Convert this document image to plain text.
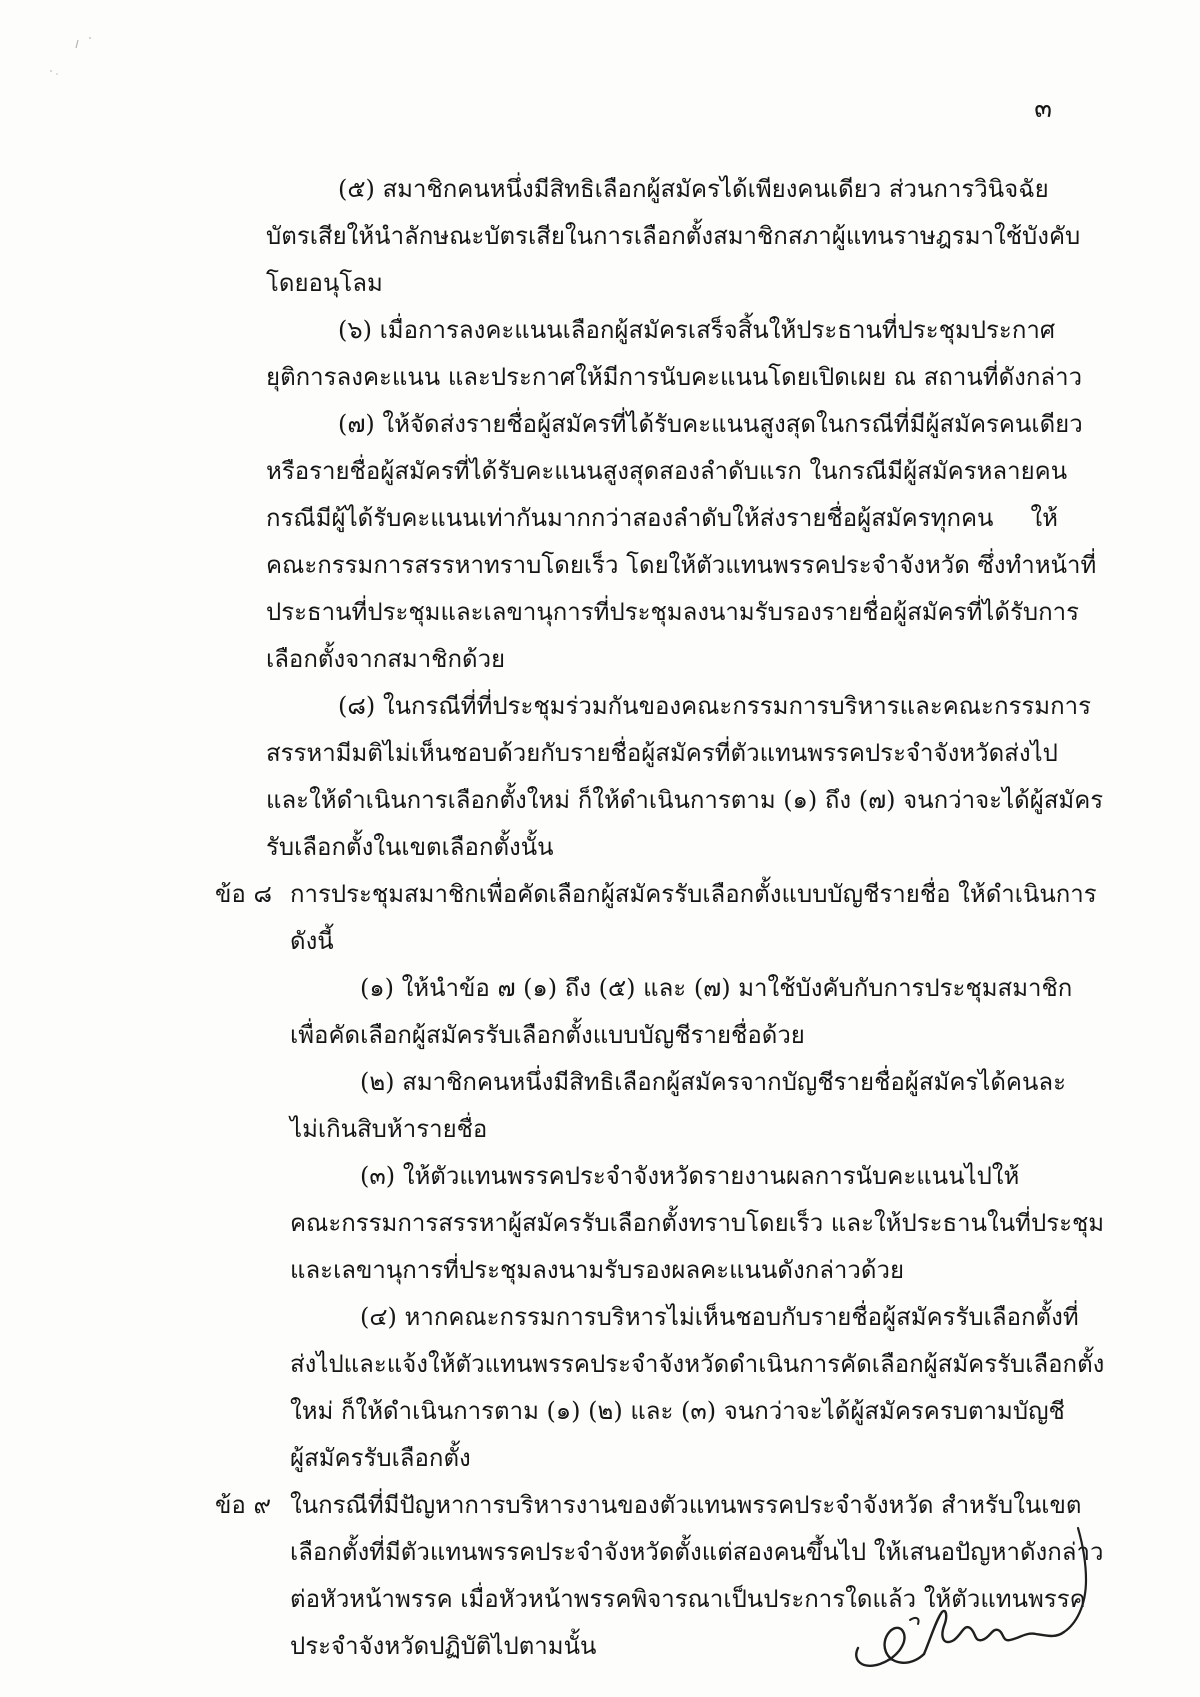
๓
(๕) สมาชิกคนหนึ่งมีสิทธิเลือกผู้สมัครได้เพียงคนเดียว ส่วนการวินิจฉัย
บัตรเสียให้นำลักษณะบัตรเสียในการเลือกตั้งสมาชิกสภาผู้แทนราษฎรมาใช้บังคับ
โดยอนุโลม
(๖) เมื่อการลงคะแนนเลือกผู้สมัครเสร็จสิ้นให้ประธานที่ประชุมประกาศ
ยุติการลงคะแนน และประกาศให้มีการนับคะแนนโดยเปิดเผย ณ สถานที่ดังกล่าว
(๗) ให้จัดส่งรายชื่อผู้สมัครที่ได้รับคะแนนสูงสุดในกรณีที่มีผู้สมัครคนเดียว
หรือรายชื่อผู้สมัครที่ได้รับคะแนนสูงสุดสองลำดับแรก ในกรณีมีผู้สมัครหลายคน
กรณีมีผู้ได้รับคะแนนเท่ากันมากกว่าสองลำดับให้ส่งรายชื่อผู้สมัครทุกคน ให้
คณะกรรมการสรรหาทราบโดยเร็ว โดยให้ตัวแทนพรรคประจำจังหวัด ซึ่งทำหน้าที่
ประธานที่ประชุมและเลขานุการที่ประชุมลงนามรับรองรายชื่อผู้สมัครที่ได้รับการ
เลือกตั้งจากสมาชิกด้วย
(๘) ในกรณีที่ที่ประชุมร่วมกันของคณะกรรมการบริหารและคณะกรรมการ
สรรหามีมติไม่เห็นชอบด้วยกับรายชื่อผู้สมัครที่ตัวแทนพรรคประจำจังหวัดส่งไป
และให้ดำเนินการเลือกตั้งใหม่ ก็ให้ดำเนินการตาม (๑) ถึง (๗) จนกว่าจะได้ผู้สมัคร
รับเลือกตั้งในเขตเลือกตั้งนั้น
ข้อ ๘ การประชุมสมาชิกเพื่อคัดเลือกผู้สมัครรับเลือกตั้งแบบบัญชีรายชื่อ ให้ดำเนินการ
ดังนี้
(๑) ให้นำข้อ ๗ (๑) ถึง (๕) และ (๗) มาใช้บังคับกับการประชุมสมาชิก
เพื่อคัดเลือกผู้สมัครรับเลือกตั้งแบบบัญชีรายชื่อด้วย
(๒) สมาชิกคนหนึ่งมีสิทธิเลือกผู้สมัครจากบัญชีรายชื่อผู้สมัครได้คนละ
ไม่เกินสิบห้ารายชื่อ
(๓) ให้ตัวแทนพรรคประจำจังหวัดรายงานผลการนับคะแนนไปให้
คณะกรรมการสรรหาผู้สมัครรับเลือกตั้งทราบโดยเร็ว และให้ประธานในที่ประชุม
และเลขานุการที่ประชุมลงนามรับรองผลคะแนนดังกล่าวด้วย
(๔) หากคณะกรรมการบริหารไม่เห็นชอบกับรายชื่อผู้สมัครรับเลือกตั้งที่
ส่งไปและแจ้งให้ตัวแทนพรรคประจำจังหวัดดำเนินการคัดเลือกผู้สมัครรับเลือกตั้ง
ใหม่ ก็ให้ดำเนินการตาม (๑) (๒) และ (๓) จนกว่าจะได้ผู้สมัครครบตามบัญชี
ผู้สมัครรับเลือกตั้ง
ข้อ ๙ ในกรณีที่มีปัญหาการบริหารงานของตัวแทนพรรคประจำจังหวัด สำหรับในเขต
เลือกตั้งที่มีตัวแทนพรรคประจำจังหวัดตั้งแต่สองคนขึ้นไป ให้เสนอปัญหาดังกล่าว
ต่อหัวหน้าพรรค เมื่อหัวหน้าพรรคพิจารณาเป็นประการใดแล้ว ให้ตัวแทนพรรค
ประจำจังหวัดปฏิบัติไปตามนั้น
